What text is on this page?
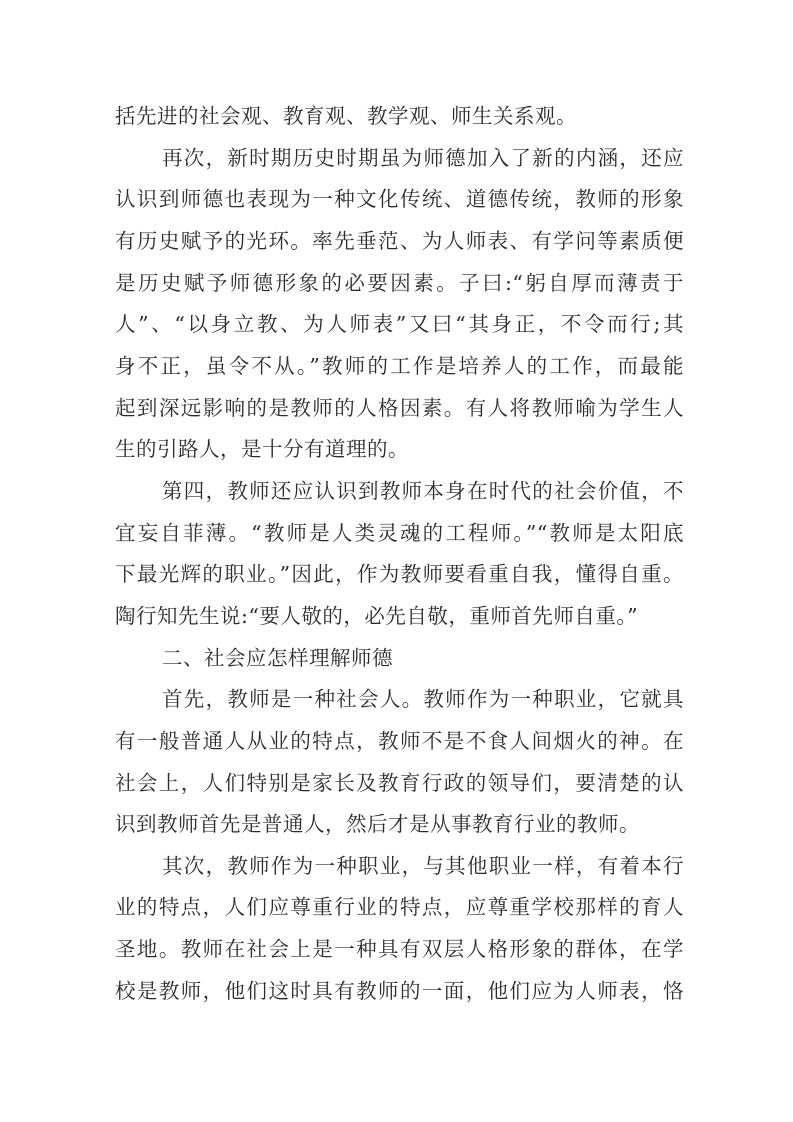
括先进的社会观、教育观、教学观、师生关系观。
再次，新时期历史时期虽为师德加入了新的内涵，还应
认识到师德也表现为一种文化传统、道德传统，教师的形象
有历史赋予的光环。率先垂范、为人师表、有学问等素质便
是历史赋予师德形象的必要因素。子曰:“躬自厚而薄责于
人”、“以身立教、为人师表”又曰“其身正，不令而行;其
身不正，虽令不从。”教师的工作是培养人的工作，而最能
起到深远影响的是教师的人格因素。有人将教师喻为学生人
生的引路人，是十分有道理的。
第四，教师还应认识到教师本身在时代的社会价值，不
宜妄自菲薄。“教师是人类灵魂的工程师。”“教师是太阳底
下最光辉的职业。”因此，作为教师要看重自我，懂得自重。
陶行知先生说:“要人敬的，必先自敬，重师首先师自重。”
二、社会应怎样理解师德
首先，教师是一种社会人。教师作为一种职业，它就具
有一般普通人从业的特点，教师不是不食人间烟火的神。在
社会上，人们特别是家长及教育行政的领导们，要清楚的认
识到教师首先是普通人，然后才是从事教育行业的教师。
其次，教师作为一种职业，与其他职业一样，有着本行
业的特点，人们应尊重行业的特点，应尊重学校那样的育人
圣地。教师在社会上是一种具有双层人格形象的群体，在学
校是教师，他们这时具有教师的一面，他们应为人师表，恪
